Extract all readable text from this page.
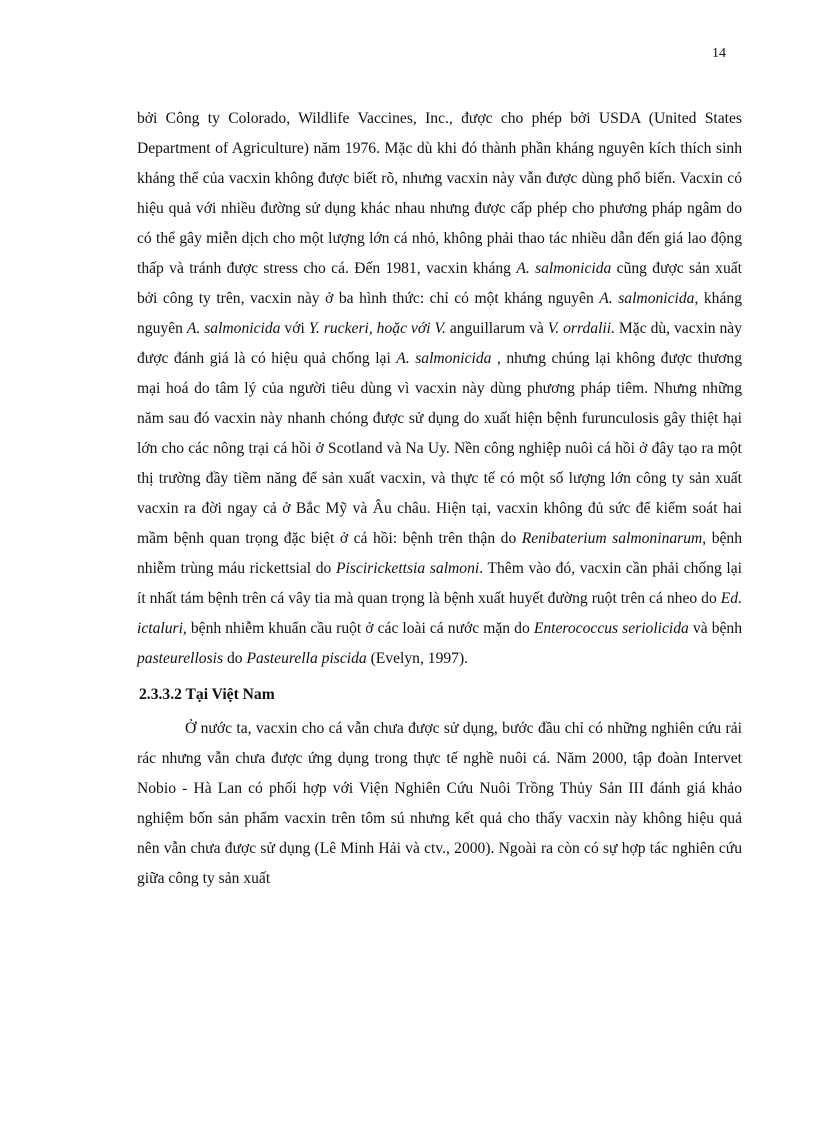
14

bởi Công ty Colorado, Wildlife Vaccines, Inc., được cho phép bởi USDA (United States Department of Agriculture) năm 1976. Mặc dù khi đó thành phần kháng nguyên kích thích sinh kháng thể của vacxin không được biết rõ, nhưng vacxin này vẫn được dùng phổ biến. Vacxin có hiệu quả với nhiều đường sử dụng khác nhau nhưng được cấp phép cho phương pháp ngâm do có thể gây miễn dịch cho một lượng lớn cá nhỏ, không phải thao tác nhiều dẫn đến giá lao động thấp và tránh được stress cho cá. Đến 1981, vacxin kháng A. salmonicida cũng được sản xuất bởi công ty trên, vacxin này ở ba hình thức: chỉ có một kháng nguyên A. salmonicida, kháng nguyên A. salmonicida với Y. ruckeri, hoặc với V. anguillarum và V. orrdalii. Mặc dù, vacxin này được đánh giá là có hiệu quả chống lại A. salmonicida , nhưng chúng lại không được thương mại hoá do tâm lý của người tiêu dùng vì vacxin này dùng phương pháp tiêm. Nhưng những năm sau đó vacxin này nhanh chóng được sử dụng do xuất hiện bệnh furunculosis gây thiệt hại lớn cho các nông trại cá hồi ở Scotland và Na Uy. Nền công nghiệp nuôi cá hồi ở đây tạo ra một thị trường đầy tiềm năng để sản xuất vacxin, và thực tế có một số lượng lớn công ty sản xuất vacxin ra đời ngay cả ở Bắc Mỹ và Âu châu. Hiện tại, vacxin không đủ sức để kiểm soát hai mầm bệnh quan trọng đặc biệt ở cá hồi: bệnh trên thận do Renibaterium salmoninarum, bệnh nhiễm trùng máu rickettsial do Piscirickettsia salmoni. Thêm vào đó, vacxin cần phải chống lại ít nhất tám bệnh trên cá vây tia mà quan trọng là bệnh xuất huyết đường ruột trên cá nheo do Ed. ictaluri, bệnh nhiễm khuẩn cầu ruột ở các loài cá nước mặn do Enterococcus seriolicida và bệnh pasteurellosis do Pasteurella piscida (Evelyn, 1997).

2.3.3.2 Tại Việt Nam

Ở nước ta, vacxin cho cá vẫn chưa được sử dụng, bước đầu chỉ có những nghiên cứu rải rác nhưng vẫn chưa được ứng dụng trong thực tế nghề nuôi cá. Năm 2000, tập đoàn Intervet Nobio - Hà Lan có phối hợp với Viện Nghiên Cứu Nuôi Trồng Thủy Sản III đánh giá khảo nghiệm bốn sản phẩm vacxin trên tôm sú nhưng kết quả cho thấy vacxin này không hiệu quả nên vẫn chưa được sử dụng (Lê Minh Hải và ctv., 2000). Ngoài ra còn có sự hợp tác nghiên cứu giữa công ty sản xuất
